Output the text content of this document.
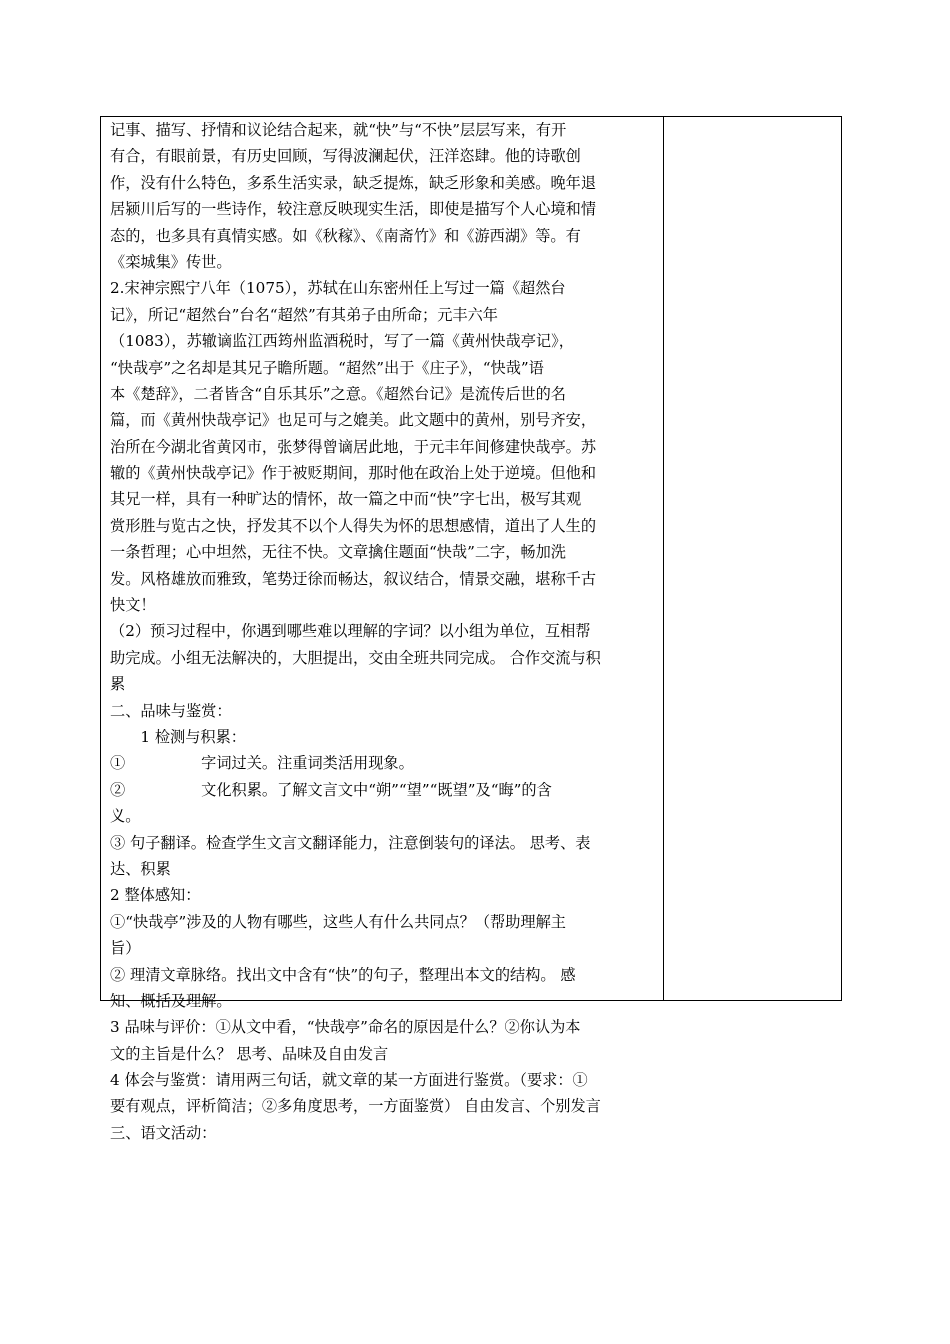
记事、描写、抒情和议论结合起来，就“快”与“不快”层层写来，有开
有合，有眼前景，有历史回顾，写得波澜起伏，汪洋恣肆。他的诗歌创
作，没有什么特色，多系生活实录，缺乏提炼，缺乏形象和美感。晚年退
居颍川后写的一些诗作，较注意反映现实生活，即使是描写个人心境和情
态的，也多具有真情实感。如《秋稼》、《南斋竹》和《游西湖》等。有
《栾城集》传世。
2.宋神宗熙宁八年（1075），苏轼在山东密州任上写过一篇《超然台
记》，所记“超然台”台名“超然”有其弟子由所命；元丰六年
（1083），苏辙谪监江西筠州监酒税时，写了一篇《黄州快哉亭记》，
“快哉亭”之名却是其兄子瞻所题。“超然”出于《庄子》，“快哉”语
本《楚辞》，二者皆含“自乐其乐”之意。《超然台记》是流传后世的名
篇，而《黄州快哉亭记》也足可与之媲美。此文题中的黄州，别号齐安，
治所在今湖北省黄冈市，张梦得曾谪居此地，于元丰年间修建快哉亭。苏
辙的《黄州快哉亭记》作于被贬期间，那时他在政治上处于逆境。但他和
其兄一样，具有一种旷达的情怀，故一篇之中而“快”字七出，极写其观
赏形胜与览古之快，抒发其不以个人得失为怀的思想感情，道出了人生的
一条哲理；心中坦然，无往不快。文章擒住题面“快哉”二字，畅加洗
发。风格雄放而雅致，笔势迂徐而畅达，叙议结合，情景交融，堪称千古
快文！
（2）预习过程中，你遇到哪些难以理解的字词？以小组为单位，互相帮
助完成。小组无法解决的，大胆提出，交由全班共同完成。 合作交流与积
累
二、品味与鉴赏：
　　1 检测与积累：
①　　　　　字词过关。注重词类活用现象。
②　　　　　文化积累。了解文言文中“朔”“望”“既望”及“晦”的含
义。
③ 句子翻译。检查学生文言文翻译能力，注意倒装句的译法。 思考、表
达、积累
2 整体感知：
①“快哉亭”涉及的人物有哪些，这些人有什么共同点？（帮助理解主
旨）
② 理清文章脉络。找出文中含有“快”的句子，整理出本文的结构。 感
知、概括及理解。
3 品味与评价：①从文中看，“快哉亭”命名的原因是什么？②你认为本
文的主旨是什么？ 思考、品味及自由发言
4 体会与鉴赏：请用两三句话，就文章的某一方面进行鉴赏。（要求：①
要有观点，评析简洁；②多角度思考，一方面鉴赏） 自由发言、个别发言
三、语文活动：
